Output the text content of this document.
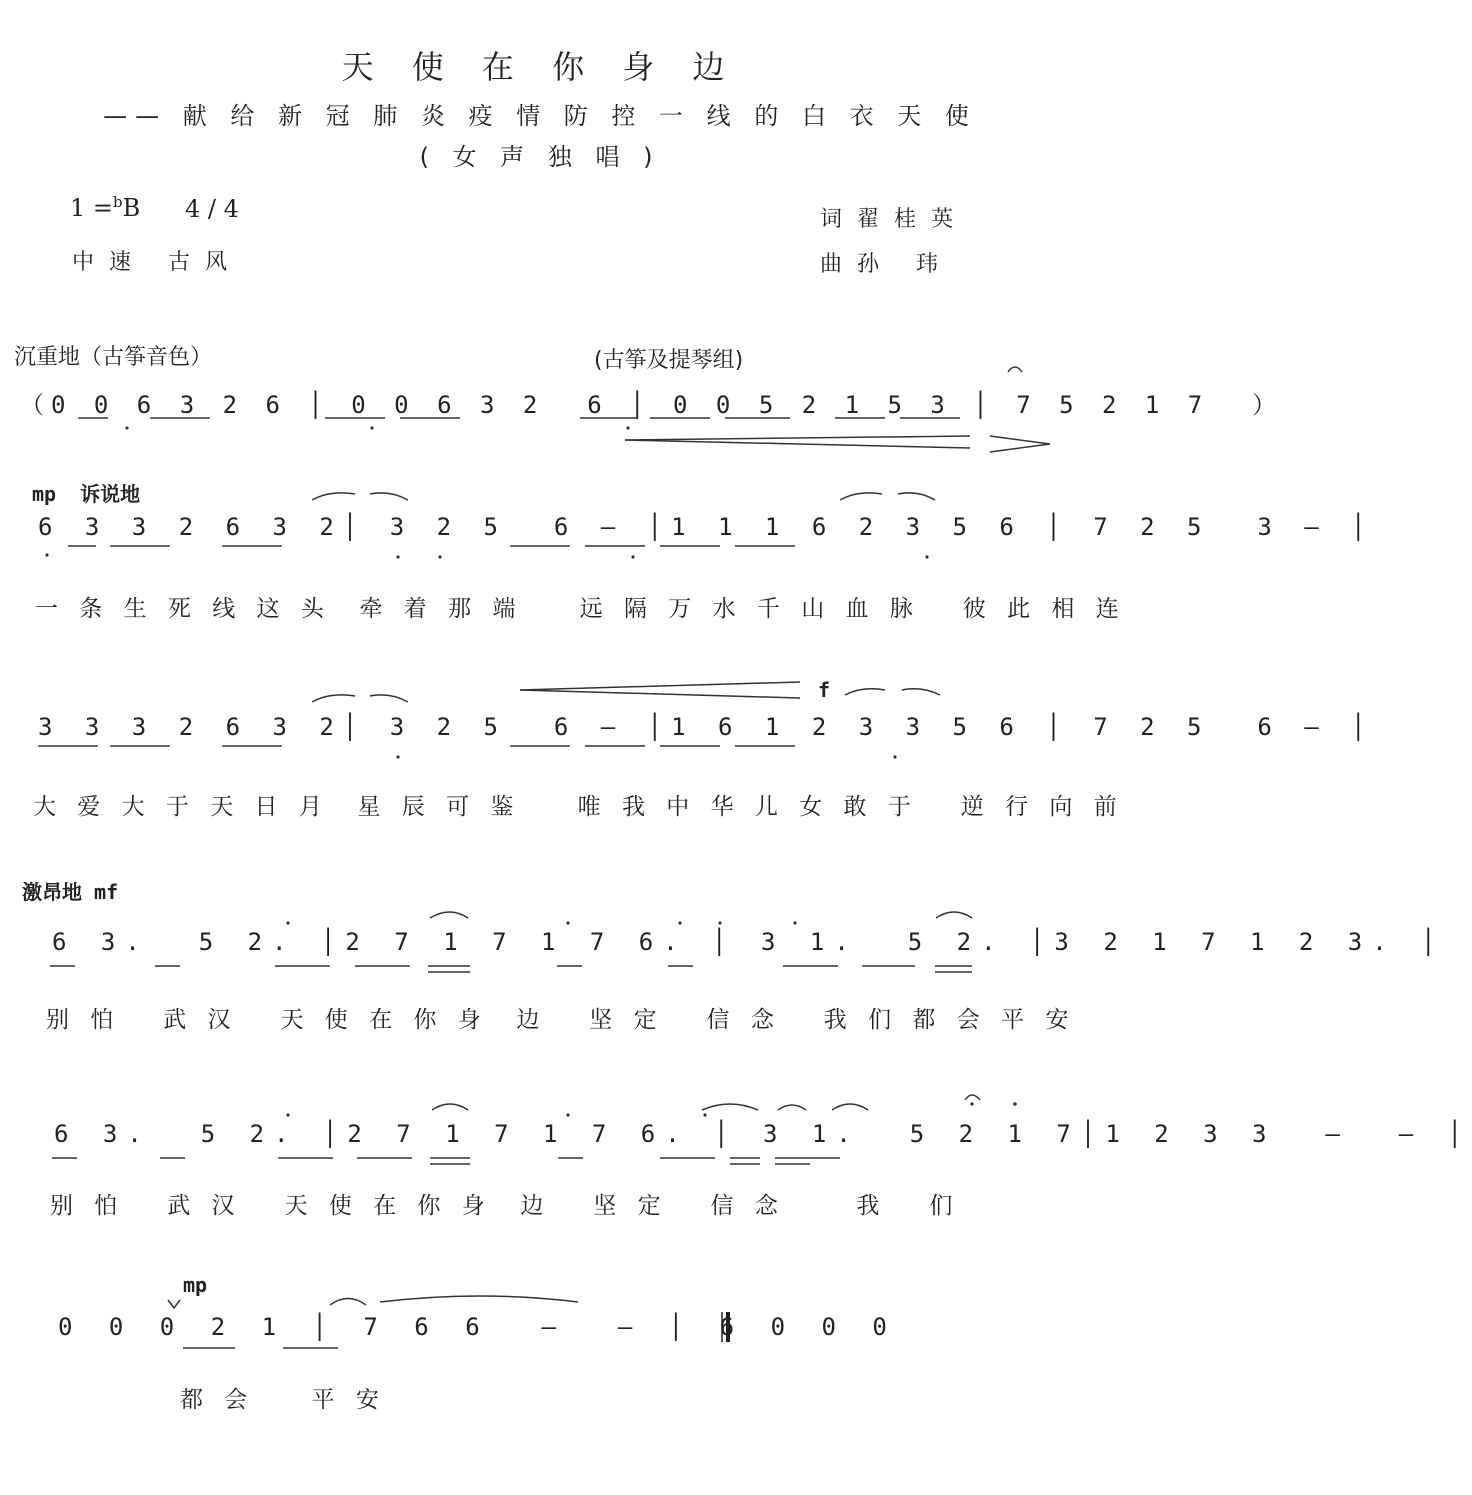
天 使 在 你 身 边
—— 献 给 新 冠 肺 炎 疫 情 防 控 一 线 的 白 衣 天 使
( 女 声 独 唱 )
1 =$^b$B 4 / 4
中 速   古 风
词 翟 桂 英
曲 孙   玮
沉重地（古筝音色）	(古筝及提琴组)
（0 0 6 3 2 6 │ 0 0 6 3 2  6 │ 0 0 5 2 1 5 3 │ 7 5 2 1 7  ）
mp  诉说地
6 3 3 2 6 3 2│ 3 2 5  6 – │1 1 1 6 2 3 5 6 │ 7 2 5  3 – │
一 条 生 死 线 这 头  牵 着 那 端    远 隔 万 水 千 山 血 脉   彼 此 相 连
f
3 3 3 2 6 3 2│ 3 2 5  6 – │1 6 1 2 3 3 5 6 │ 7 2 5  6 – │
大 爱 大 于 天 日 月  星 辰 可 鉴    唯 我 中 华 儿 女 敢 于   逆 行 向 前
激昂地 mf
6 3.  5 2. │2 7 1 7 1 7 6. │ 3 1.  5 2. │3 2 1 7 1 2 3. │
别 怕   武 汉   天 使 在 你 身  边   坚 定   信 念   我 们 都 会 平 安
6 3.  5 2. │2 7 1 7 1 7 6. │ 3 1.  5 2 1 7│1 2 3 3  –  – │
别 怕   武 汉   天 使 在 你 身  边   坚 定   信 念     我   们
mp
0 0 0 2 1 │ 7 6 6  –  – │ 6 0 0 0
都 会    平 安
